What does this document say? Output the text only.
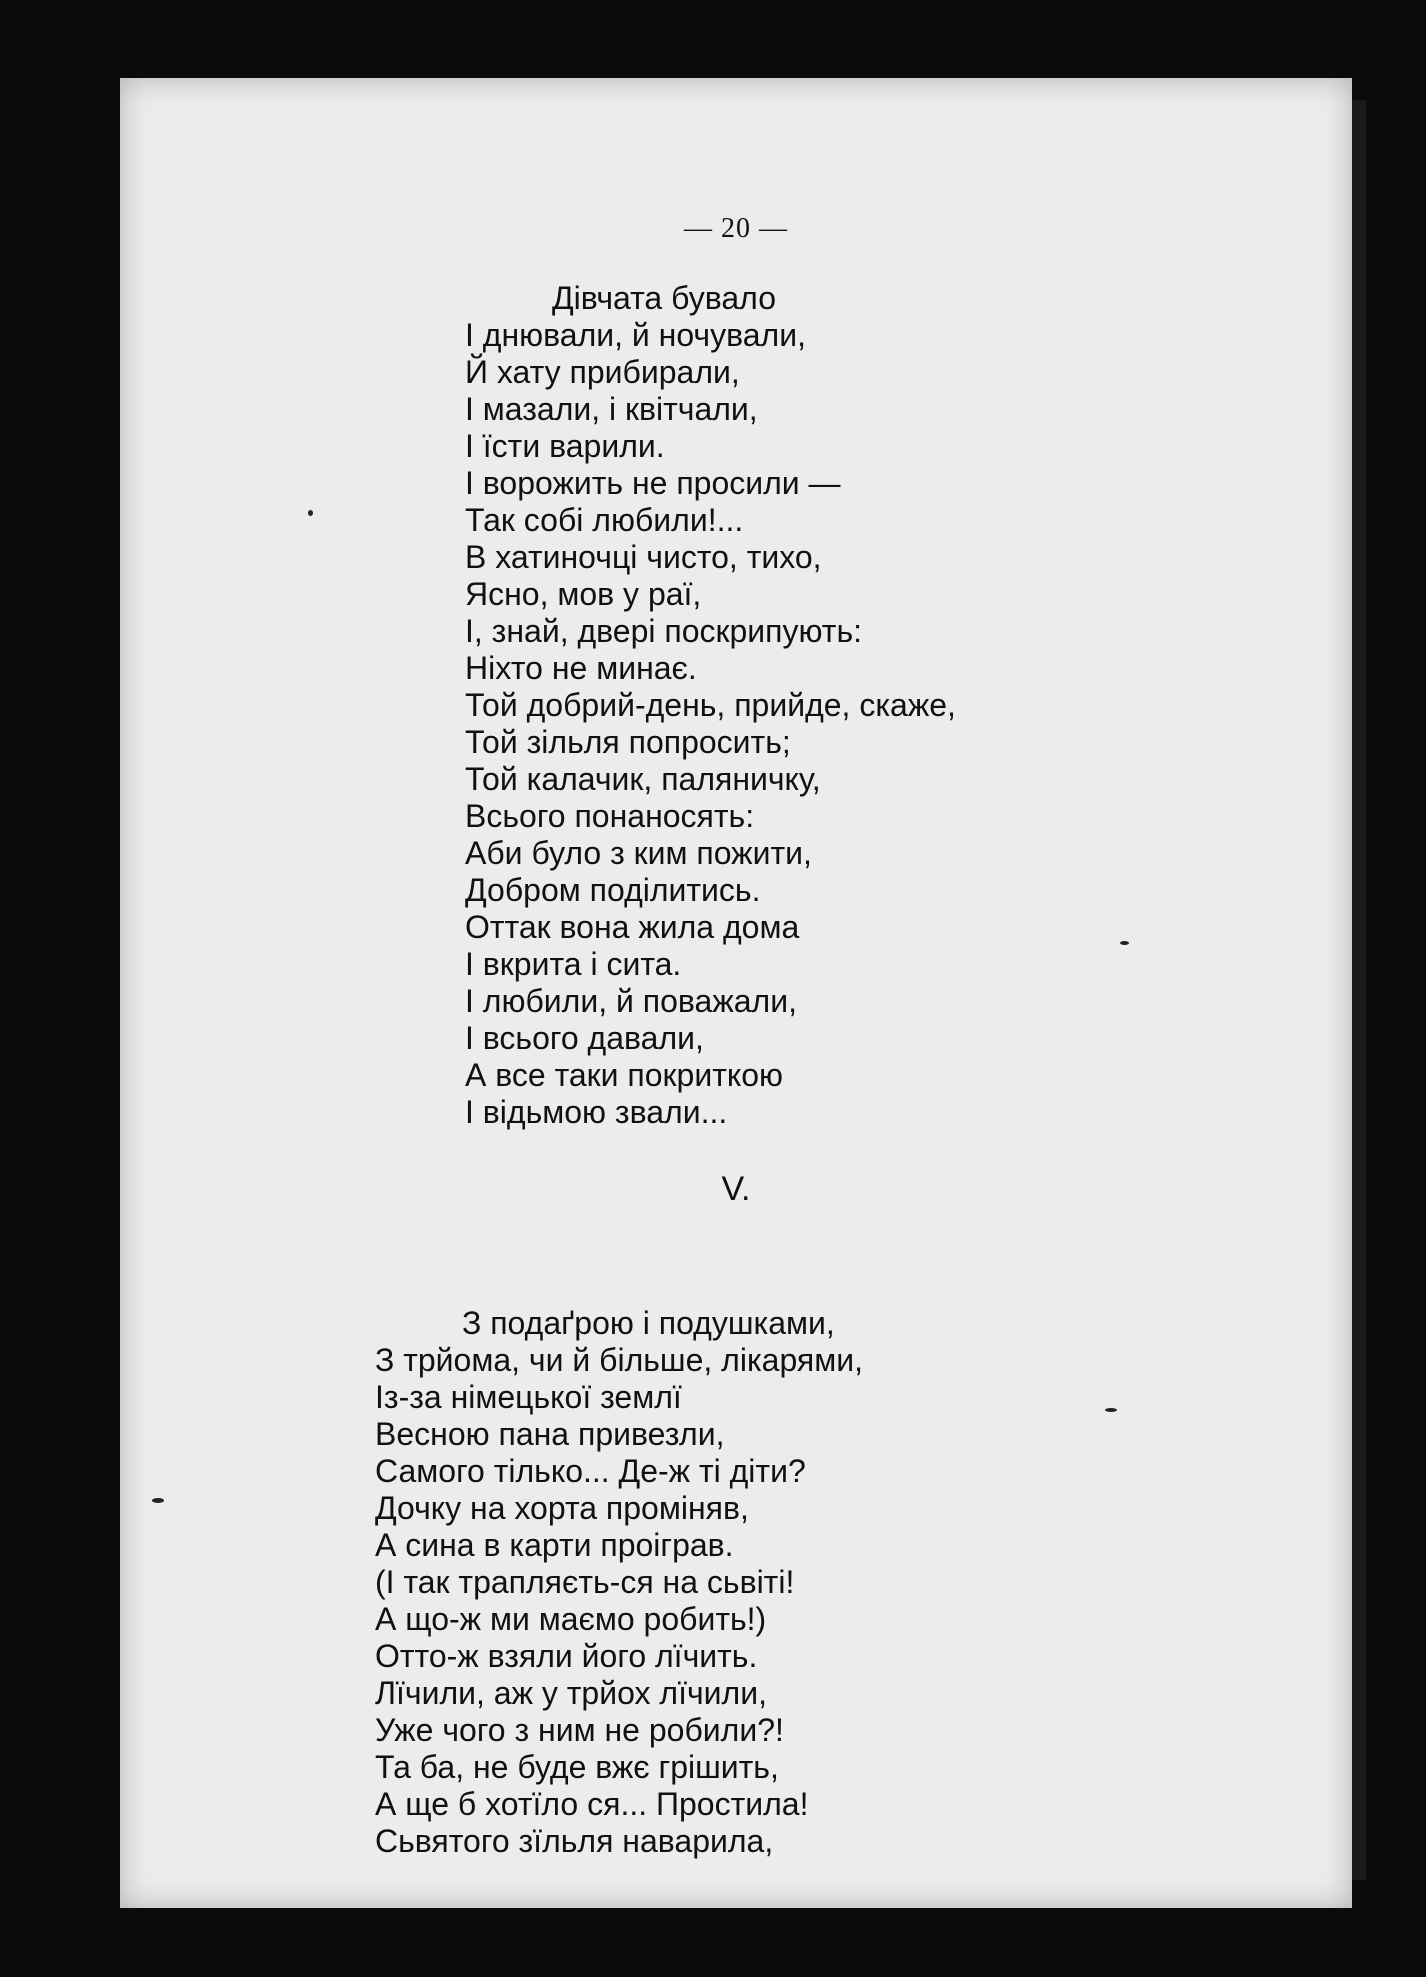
— 20 —
Дівчата бувало
І днювали, й ночували,
Й хату прибирали,
І мазали, і квітчали,
І їсти варили.
І ворожить не просили —
Так собі любили!...
В хатиночці чисто, тихо,
Ясно, мов у раї,
І, знай, двері поскрипують:
Ніхто не минає.
Той добрий-день, прийде, скаже,
Той зільля попросить;
Той калачик, паляничку,
Всього понаносять:
Аби було з ким пожити,
Добром поділитись.
Оттак вона жила дома
І вкрита і сита.
І любили, й поважали,
І всього давали,
А все таки покриткою
І відьмою звали...
V.
З подаґрою і подушками,
З трйома, чи й більше, лікарями,
Із-за німецької землї
Весною пана привезли,
Самого тілько... Де-ж ті діти?
Дочку на хорта проміняв,
А сина в карти проіграв.
(І так трапляєть-ся на сьвіті!
А що-ж ми маємо робить!)
Отто-ж взяли його лїчить.
Лїчили, аж у трйох лїчили,
Уже чого з ним не робили?!
Та ба, не буде вжє грішить,
А ще б хотїло ся... Простила!
Сьвятого зїльля наварила,
